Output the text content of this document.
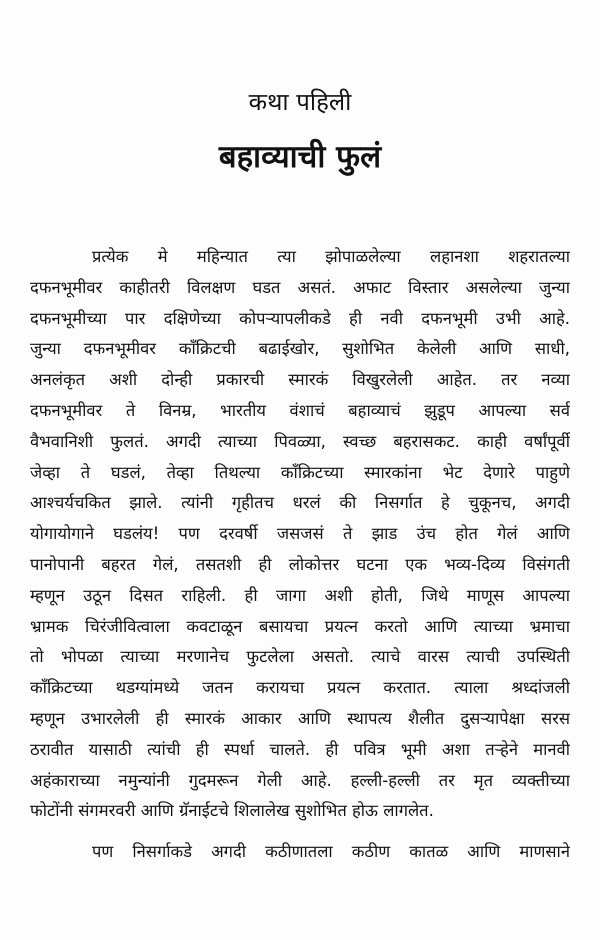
कथा पहिली
बहाव्याची फुलं
प्रत्येक मे महिन्यात त्या झोपाळलेल्या लहानशा शहरातल्या
दफनभूमीवर काहीतरी विलक्षण घडत असतं. अफाट विस्तार असलेल्या जुन्या
दफनभूमीच्या पार दक्षिणेच्या कोपऱ्यापलीकडे ही नवी दफनभूमी उभी आहे.
जुन्या दफनभूमीवर काँक्रिटची बढाईखोर, सुशोभित केलेली आणि साधी,
अनलंकृत अशी दोन्ही प्रकारची स्मारकं विखुरलेली आहेत. तर नव्या
दफनभूमीवर ते विनम्र, भारतीय वंशाचं बहाव्याचं झुडूप आपल्या सर्व
वैभवानिशी फुलतं. अगदी त्याच्या पिवळ्या, स्वच्छ बहरासकट. काही वर्षांपूर्वी
जेव्हा ते घडलं, तेव्हा तिथल्या काँक्रिटच्या स्मारकांना भेट देणारे पाहुणे
आश्चर्यचकित झाले. त्यांनी गृहीतच धरलं की निसर्गात हे चुकूनच, अगदी
योगायोगाने घडलंय! पण दरवर्षी जसजसं ते झाड उंच होत गेलं आणि
पानोपानी बहरत गेलं, तसतशी ही लोकोत्तर घटना एक भव्य-दिव्य विसंगती
म्हणून उठून दिसत राहिली. ही जागा अशी होती, जिथे माणूस आपल्या
भ्रामक चिरंजीवित्वाला कवटाळून बसायचा प्रयत्न करतो आणि त्याच्या भ्रमाचा
तो भोपळा त्याच्या मरणानेच फुटलेला असतो. त्याचे वारस त्याची उपस्थिती
काँक्रिटच्या थडग्यांमध्ये जतन करायचा प्रयत्न करतात. त्याला श्रध्दांजली
म्हणून उभारलेली ही स्मारकं आकार आणि स्थापत्य शैलीत दुसऱ्यापेक्षा सरस
ठरावीत यासाठी त्यांची ही स्पर्धा चालते. ही पवित्र भूमी अशा तऱ्हेने मानवी
अहंकाराच्या नमुन्यांनी गुदमरून गेली आहे. हल्ली-हल्ली तर मृत व्यक्तीच्या
फोटोंनी संगमरवरी आणि ग्रॅनाईटचे शिलालेख सुशोभित होऊ लागलेत.
पण निसर्गाकडे अगदी कठीणातला कठीण कातळ आणि माणसाने
